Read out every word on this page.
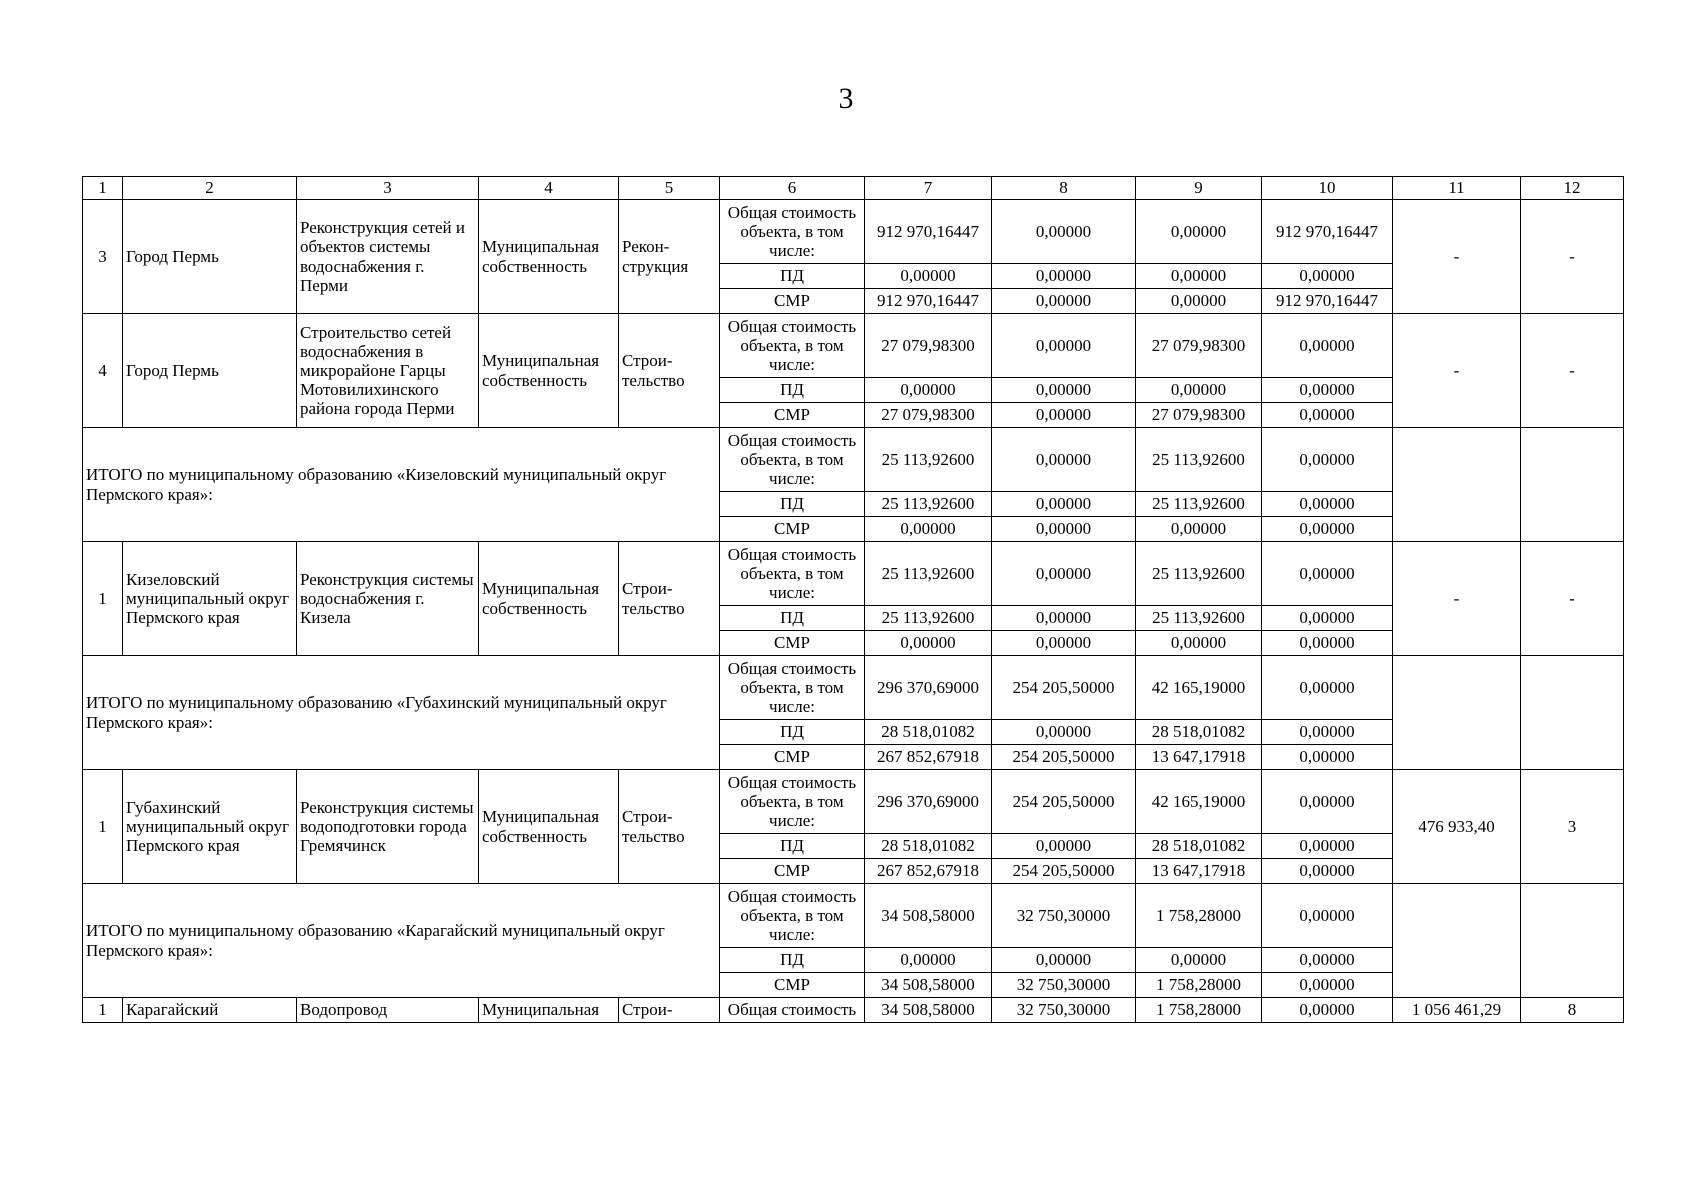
3
1	2	3	4	5	6	7	8	9	10	11	12
3	Город Пермь	Реконструкция сетей и объектов системы водоснабжения г. Перми	Муниципальная собственность	Рекон-струкция	Общая стоимость объекта, в том числе:	912 970,16447	0,00000	0,00000	912 970,16447	-	-
					ПД	0,00000	0,00000	0,00000	0,00000		
					СМР	912 970,16447	0,00000	0,00000	912 970,16447		
4	Город Пермь	Строительство сетей водоснабжения в микрорайоне Гарцы Мотовилихинского района города Перми	Муниципальная собственность	Строи-тельство	Общая стоимость объекта, в том числе:	27 079,98300	0,00000	27 079,98300	0,00000	-	-
					ПД	0,00000	0,00000	0,00000	0,00000		
					СМР	27 079,98300	0,00000	27 079,98300	0,00000		
ИТОГО по муниципальному образованию «Кизеловский муниципальный округ Пермского края»:					Общая стоимость объекта, в том числе:	25 113,92600	0,00000	25 113,92600	0,00000		
					ПД	25 113,92600	0,00000	25 113,92600	0,00000		
					СМР	0,00000	0,00000	0,00000	0,00000		
1	Кизеловский муниципальный округ Пермского края	Реконструкция системы водоснабжения г. Кизела	Муниципальная собственность	Строи-тельство	Общая стоимость объекта, в том числе:	25 113,92600	0,00000	25 113,92600	0,00000	-	-
					ПД	25 113,92600	0,00000	25 113,92600	0,00000		
					СМР	0,00000	0,00000	0,00000	0,00000		
ИТОГО по муниципальному образованию «Губахинский муниципальный округ Пермского края»:					Общая стоимость объекта, в том числе:	296 370,69000	254 205,50000	42 165,19000	0,00000		
					ПД	28 518,01082	0,00000	28 518,01082	0,00000		
					СМР	267 852,67918	254 205,50000	13 647,17918	0,00000		
1	Губахинский муниципальный округ Пермского края	Реконструкция системы водоподготовки города Гремячинск	Муниципальная собственность	Строи-тельство	Общая стоимость объекта, в том числе:	296 370,69000	254 205,50000	42 165,19000	0,00000	476 933,40	3
					ПД	28 518,01082	0,00000	28 518,01082	0,00000		
					СМР	267 852,67918	254 205,50000	13 647,17918	0,00000		
ИТОГО по муниципальному образованию «Карагайский муниципальный округ Пермского края»:					Общая стоимость объекта, в том числе:	34 508,58000	32 750,30000	1 758,28000	0,00000		
					ПД	0,00000	0,00000	0,00000	0,00000		
					СМР	34 508,58000	32 750,30000	1 758,28000	0,00000		
1	Карагайский	Водопровод	Муниципальная	Строи-	Общая стоимость	34 508,58000	32 750,30000	1 758,28000	0,00000	1 056 461,29	8
